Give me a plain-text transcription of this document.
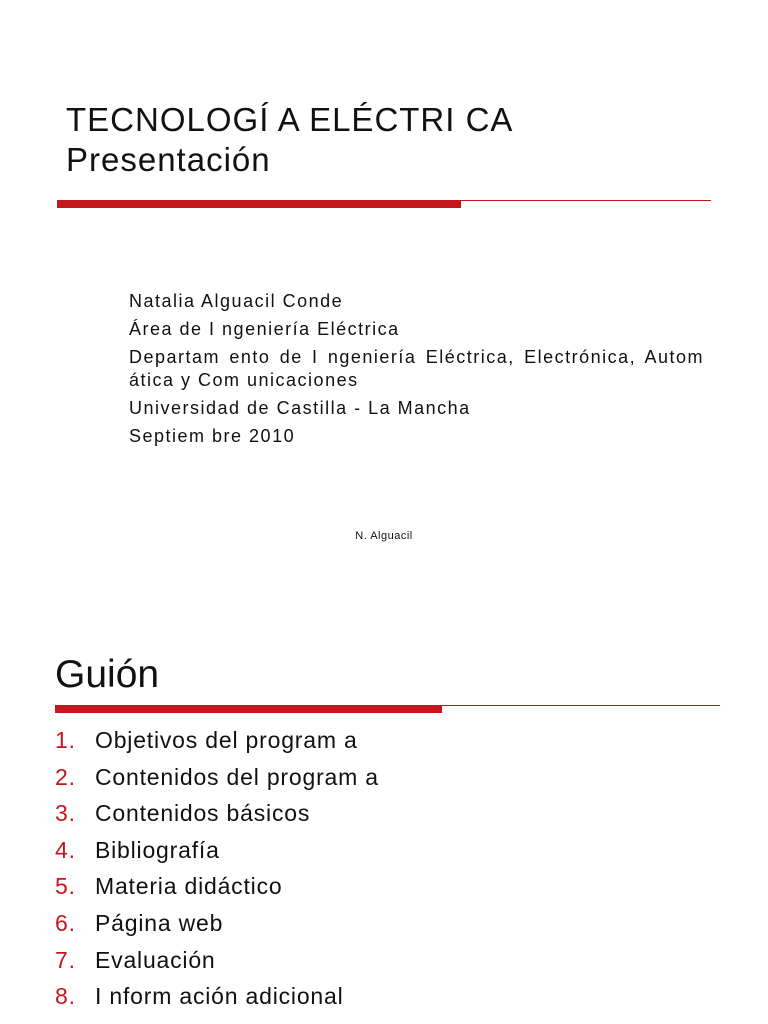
TECNOLOGÍ A ELÉCTRI CA
Presentación
Natalia Alguacil Conde
Área de I ngeniería Eléctrica
Departam ento de I ngeniería Eléctrica, Electrónica, Autom ática y Com unicaciones
Universidad de Castilla - La Mancha
Septiem bre 2010
N. Alguacil
Guión
1. Objetivos del program a
2. Contenidos del program a
3. Contenidos básicos
4. Bibliografía
5. Materia didáctico
6. Página web
7. Evaluación
8. I nform ación adicional
